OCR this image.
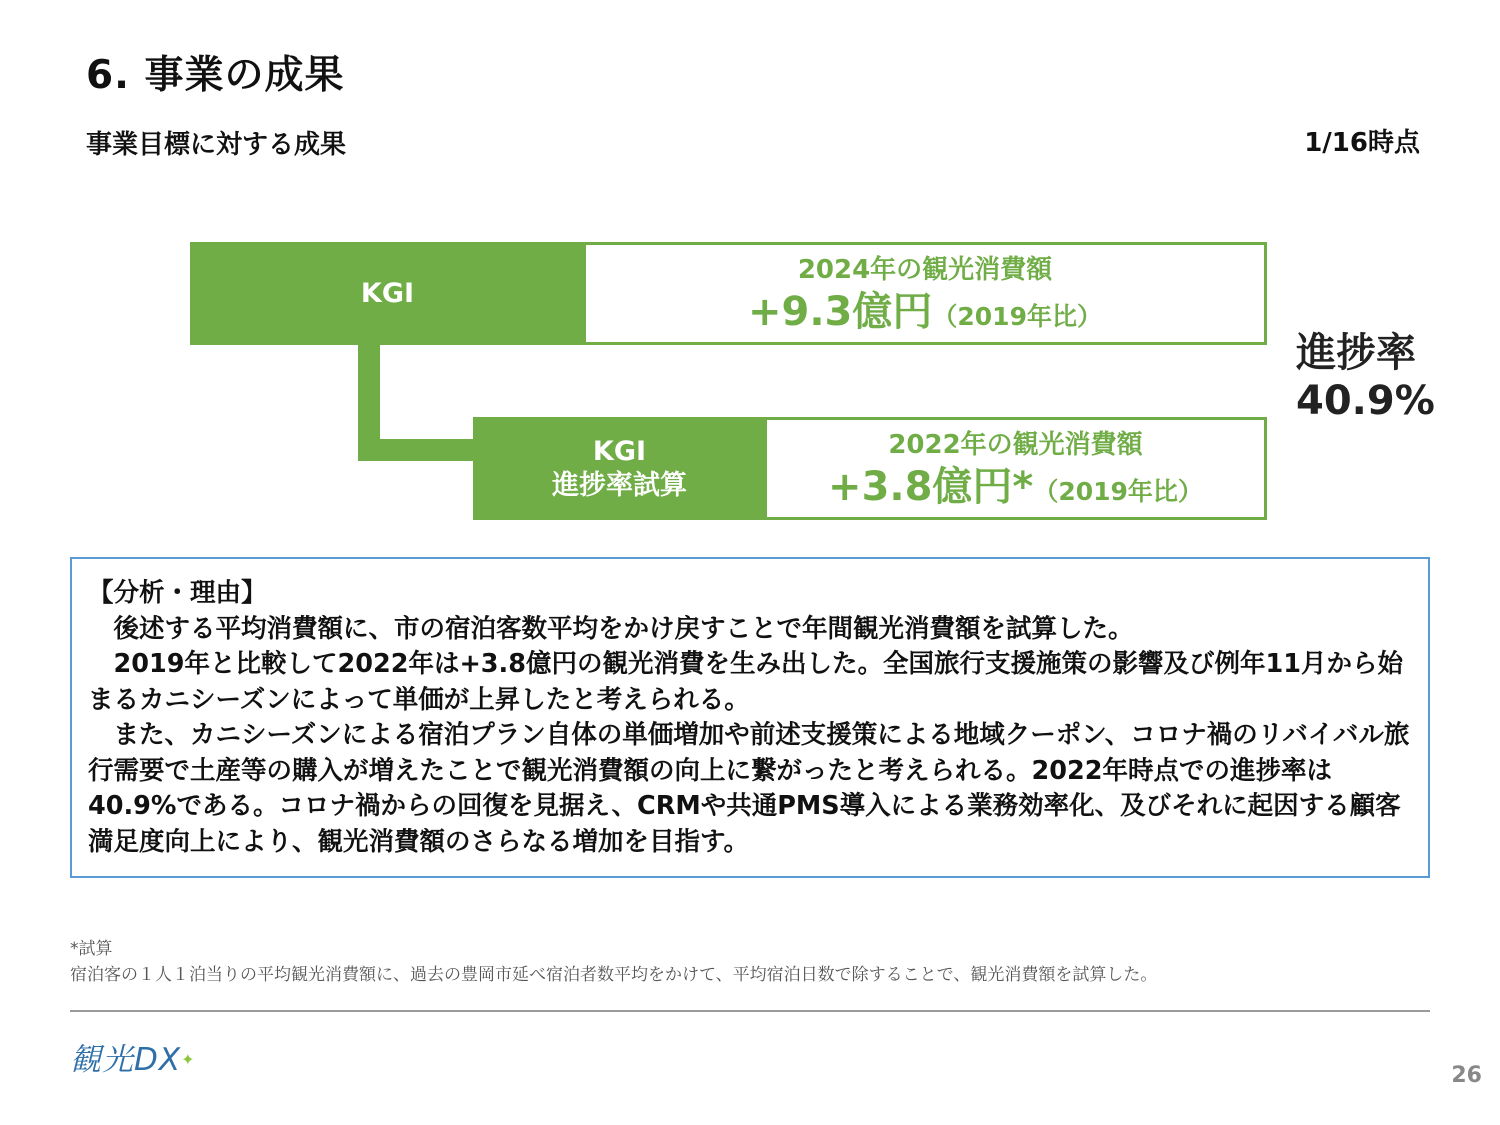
6. 事業の成果
事業目標に対する成果	1/16時点
KGI
2024年の観光消費額
+9.3億円（2019年比）
KGI
進捗率試算
2022年の観光消費額
+3.8億円*（2019年比）
進捗率
40.9%

【分析・理由】

　後述する平均消費額に、市の宿泊客数平均をかけ戻すことで年間観光消費額を試算した。

　2019年と比較して2022年は+3.8億円の観光消費を生み出した。全国旅行支援施策の影響及び例年11月から始まるカニシーズンによって単価が上昇したと考えられる。

　また、カニシーズンによる宿泊プラン自体の単価増加や前述支援策による地域クーポン、コロナ禍のリバイバル旅行需要で土産等の購入が増えたことで観光消費額の向上に繋がったと考えられる。2022年時点での進捗率は40.9%である。コロナ禍からの回復を見据え、CRMや共通PMS導入による業務効率化、及びそれに起因する顧客満足度向上により、観光消費額のさらなる増加を目指す。

*試算
宿泊客の１人１泊当りの平均観光消費額に、過去の豊岡市延べ宿泊者数平均をかけて、平均宿泊日数で除することで、観光消費額を試算した。
観光DX✦
26
